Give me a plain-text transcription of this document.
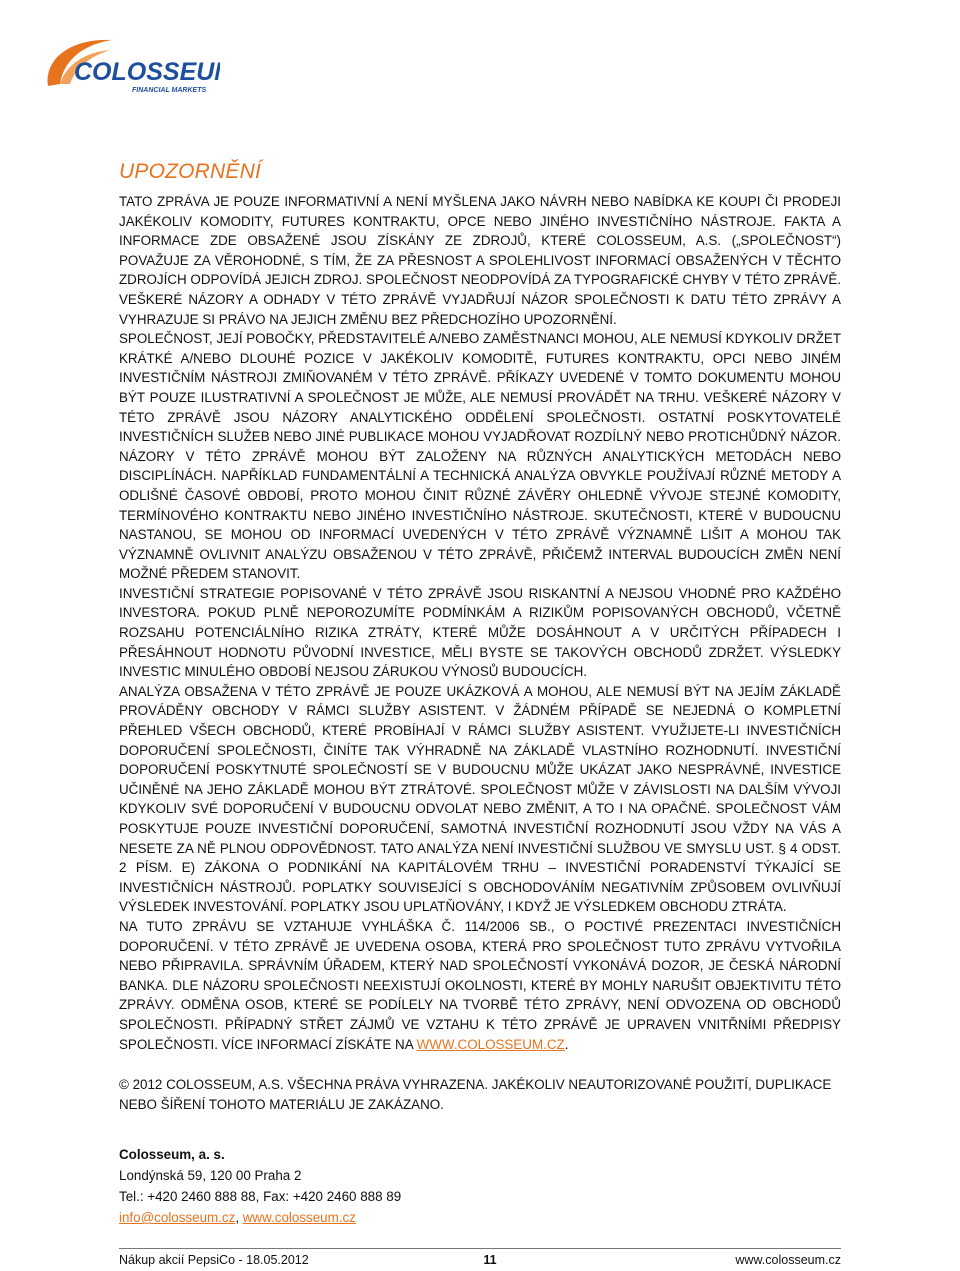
COLOSSEUM
FINANCIAL MARKETS
UPOZORNĚNÍ

TATO ZPRÁVA JE POUZE INFORMATIVNÍ A NENÍ MYŠLENA JAKO NÁVRH NEBO NABÍDKA KE KOUPI ČI PRODEJI JAKÉKOLIV KOMODITY, FUTURES KONTRAKTU, OPCE NEBO JINÉHO INVESTIČNÍHO NÁSTROJE. FAKTA A INFORMACE ZDE OBSAŽENÉ JSOU ZÍSKÁNY ZE ZDROJŮ, KTERÉ COLOSSEUM, A.S. („SPOLEČNOST“) POVAŽUJE ZA VĚROHODNÉ, S TÍM, ŽE ZA PŘESNOST A SPOLEHLIVOST INFORMACÍ OBSAŽENÝCH V TĚCHTO ZDROJÍCH ODPOVÍDÁ JEJICH ZDROJ. SPOLEČNOST NEODPOVÍDÁ ZA TYPOGRAFICKÉ CHYBY V TÉTO ZPRÁVĚ. VEŠKERÉ NÁZORY A ODHADY V TÉTO ZPRÁVĚ VYJADŘUJÍ NÁZOR SPOLEČNOSTI K DATU TÉTO ZPRÁVY A VYHRAZUJE SI PRÁVO NA JEJICH ZMĚNU BEZ PŘEDCHOZÍHO UPOZORNĚNÍ.

SPOLEČNOST, JEJÍ POBOČKY, PŘEDSTAVITELÉ A/NEBO ZAMĚSTNANCI MOHOU, ALE NEMUSÍ KDYKOLIV DRŽET KRÁTKÉ A/NEBO DLOUHÉ POZICE V JAKÉKOLIV KOMODITĚ, FUTURES KONTRAKTU, OPCI NEBO JINÉM INVESTIČNÍM NÁSTROJI ZMIŇOVANÉM V TÉTO ZPRÁVĚ. PŘÍKAZY UVEDENÉ V TOMTO DOKUMENTU MOHOU BÝT POUZE ILUSTRATIVNÍ A SPOLEČNOST JE MŮŽE, ALE NEMUSÍ PROVÁDĚT NA TRHU. VEŠKERÉ NÁZORY V TÉTO ZPRÁVĚ JSOU NÁZORY ANALYTICKÉHO ODDĚLENÍ SPOLEČNOSTI. OSTATNÍ POSKYTOVATELÉ INVESTIČNÍCH SLUŽEB NEBO JINÉ PUBLIKACE MOHOU VYJADŘOVAT ROZDÍLNÝ NEBO PROTICHŮDNÝ NÁZOR. NÁZORY V TÉTO ZPRÁVĚ MOHOU BÝT ZALOŽENY NA RŮZNÝCH ANALYTICKÝCH METODÁCH NEBO DISCIPLÍNÁCH. NAPŘÍKLAD FUNDAMENTÁLNÍ A TECHNICKÁ ANALÝZA OBVYKLE POUŽÍVAJÍ RŮZNÉ METODY A ODLIŠNÉ ČASOVÉ OBDOBÍ, PROTO MOHOU ČINIT RŮZNÉ ZÁVĚRY OHLEDNĚ VÝVOJE STEJNÉ KOMODITY, TERMÍNOVÉHO KONTRAKTU NEBO JINÉHO INVESTIČNÍHO NÁSTROJE. SKUTEČNOSTI, KTERÉ V BUDOUCNU NASTANOU, SE MOHOU OD INFORMACÍ UVEDENÝCH V TÉTO ZPRÁVĚ VÝZNAMNĚ LIŠIT A MOHOU TAK VÝZNAMNĚ OVLIVNIT ANALÝZU OBSAŽENOU V TÉTO ZPRÁVĚ, PŘIČEMŽ INTERVAL BUDOUCÍCH ZMĚN NENÍ MOŽNÉ PŘEDEM STANOVIT.

INVESTIČNÍ STRATEGIE POPISOVANÉ V TÉTO ZPRÁVĚ JSOU RISKANTNÍ A NEJSOU VHODNÉ PRO KAŽDÉHO INVESTORA. POKUD PLNĚ NEPOROZUMÍTE PODMÍNKÁM A RIZIKŮM POPISOVANÝCH OBCHODŮ, VČETNĚ ROZSAHU POTENCIÁLNÍHO RIZIKA ZTRÁTY, KTERÉ MŮŽE DOSÁHNOUT A V URČITÝCH PŘÍPADECH I PŘESÁHNOUT HODNOTU PŮVODNÍ INVESTICE, MĚLI BYSTE SE TAKOVÝCH OBCHODŮ ZDRŽET. VÝSLEDKY INVESTIC MINULÉHO OBDOBÍ NEJSOU ZÁRUKOU VÝNOSŮ BUDOUCÍCH.

ANALÝZA OBSAŽENA V TÉTO ZPRÁVĚ JE POUZE UKÁZKOVÁ A MOHOU, ALE NEMUSÍ BÝT NA JEJÍM ZÁKLADĚ PROVÁDĚNY OBCHODY V RÁMCI SLUŽBY ASISTENT. V ŽÁDNÉM PŘÍPADĚ SE NEJEDNÁ O KOMPLETNÍ PŘEHLED VŠECH OBCHODŮ, KTERÉ PROBÍHAJÍ V RÁMCI SLUŽBY ASISTENT. VYUŽIJETE-LI INVESTIČNÍCH DOPORUČENÍ SPOLEČNOSTI, ČINÍTE TAK VÝHRADNĚ NA ZÁKLADĚ VLASTNÍHO ROZHODNUTÍ. INVESTIČNÍ DOPORUČENÍ POSKYTNUTÉ SPOLEČNOSTÍ SE V BUDOUCNU MŮŽE UKÁZAT JAKO NESPRÁVNÉ, INVESTICE UČINĚNÉ NA JEHO ZÁKLADĚ MOHOU BÝT ZTRÁTOVÉ. SPOLEČNOST MŮŽE V ZÁVISLOSTI NA DALŠÍM VÝVOJI KDYKOLIV SVÉ DOPORUČENÍ V BUDOUCNU ODVOLAT NEBO ZMĚNIT, A TO I NA OPAČNÉ. SPOLEČNOST VÁM POSKYTUJE POUZE INVESTIČNÍ DOPORUČENÍ, SAMOTNÁ INVESTIČNÍ ROZHODNUTÍ JSOU VŽDY NA VÁS A NESETE ZA NĚ PLNOU ODPOVĚDNOST. TATO ANALÝZA NENÍ INVESTIČNÍ SLUŽBOU VE SMYSLU UST. § 4 ODST. 2 PÍSM. E) ZÁKONA O PODNIKÁNÍ NA KAPITÁLOVÉM TRHU – INVESTIČNÍ PORADENSTVÍ TÝKAJÍCÍ SE INVESTIČNÍCH NÁSTROJŮ. POPLATKY SOUVISEJÍCÍ S OBCHODOVÁNÍM NEGATIVNÍM ZPŮSOBEM OVLIVŇUJÍ VÝSLEDEK INVESTOVÁNÍ. POPLATKY JSOU UPLATŇOVÁNY, I KDYŽ JE VÝSLEDKEM OBCHODU ZTRÁTA.

NA TUTO ZPRÁVU SE VZTAHUJE VYHLÁŠKA Č. 114/2006 SB., O POCTIVÉ PREZENTACI INVESTIČNÍCH DOPORUČENÍ. V TÉTO ZPRÁVĚ JE UVEDENA OSOBA, KTERÁ PRO SPOLEČNOST TUTO ZPRÁVU VYTVOŘILA NEBO PŘIPRAVILA. SPRÁVNÍM ÚŘADEM, KTERÝ NAD SPOLEČNOSTÍ VYKONÁVÁ DOZOR, JE ČESKÁ NÁRODNÍ BANKA. DLE NÁZORU SPOLEČNOSTI NEEXISTUJÍ OKOLNOSTI, KTERÉ BY MOHLY NARUŠIT OBJEKTIVITU TÉTO ZPRÁVY. ODMĚNA OSOB, KTERÉ SE PODÍLELY NA TVORBĚ TÉTO ZPRÁVY, NENÍ ODVOZENA OD OBCHODŮ SPOLEČNOSTI. PŘÍPADNÝ STŘET ZÁJMŮ VE VZTAHU K TÉTO ZPRÁVĚ JE UPRAVEN VNITŘNÍMI PŘEDPISY SPOLEČNOSTI. VÍCE INFORMACÍ ZÍSKÁTE NA WWW.COLOSSEUM.CZ.

© 2012 COLOSSEUM, A.S. VŠECHNA PRÁVA VYHRAZENA. JAKÉKOLIV NEAUTORIZOVANÉ POUŽITÍ, DUPLIKACE NEBO ŠÍŘENÍ TOHOTO MATERIÁLU JE ZAKÁZANO.
Colosseum, a. s.
Londýnská 59, 120 00 Praha 2
Tel.: +420 2460 888 88, Fax: +420 2460 888 89
info@colosseum.cz, www.colosseum.cz
Nákup akcií PepsiCo - 18.05.2012	11	www.colosseum.cz
